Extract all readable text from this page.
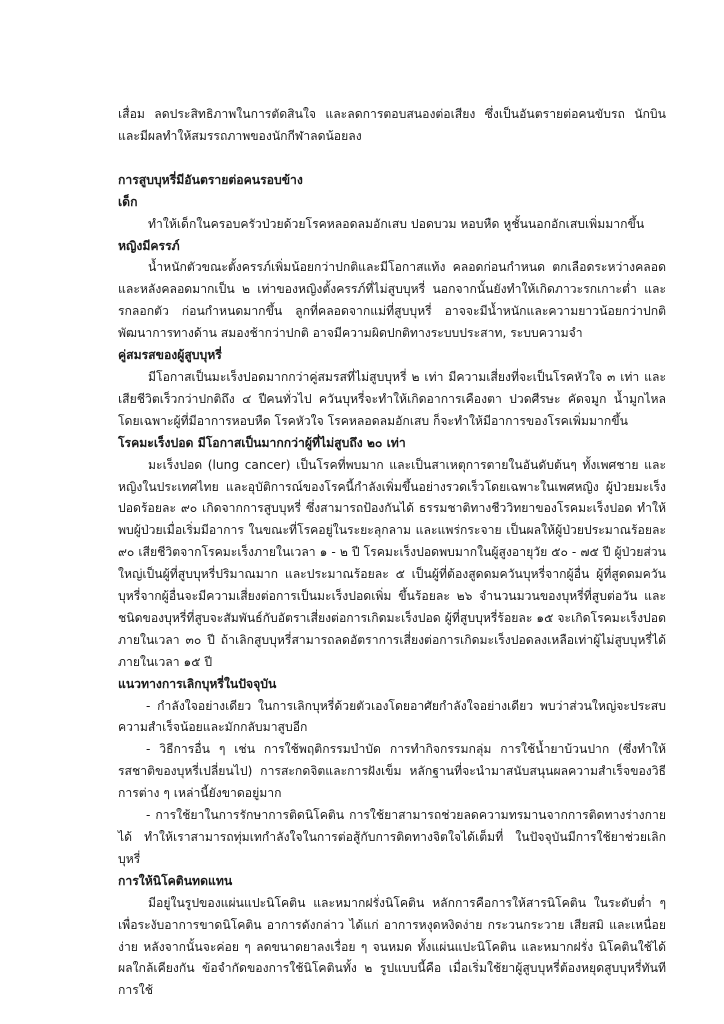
เสื่อม ลดประสิทธิภาพในการตัดสินใจ และลดการตอบสนองต่อเสียง ซึ่งเป็นอันตรายต่อคนขับรถ นักบิน และมีผลทำให้สมรรถภาพของนักกีฬาลดน้อยลง

การสูบบุหรี่มีอันตรายต่อคนรอบข้าง

เด็ก

ทำให้เด็กในครอบครัวป่วยด้วยโรคหลอดลมอักเสบ ปอดบวม หอบหืด หูชั้นนอกอักเสบเพิ่มมากขึ้น

หญิงมีครรภ์

น้ำหนักตัวขณะตั้งครรภ์เพิ่มน้อยกว่าปกติและมีโอกาสแท้ง คลอดก่อนกำหนด ตกเลือดระหว่างคลอดและหลังคลอดมากเป็น ๒ เท่าของหญิงตั้งครรภ์ที่ไม่สูบบุหรี่ นอกจากนั้นยังทำให้เกิดภาวะรกเกาะต่ำ และรกลอกตัว ก่อนกำหนดมากขึ้น ลูกที่คลอดจากแม่ที่สูบบุหรี่ อาจจะมีน้ำหนักและความยาวน้อยกว่าปกติ พัฒนาการทางด้าน สมองช้ากว่าปกติ อาจมีความผิดปกติทางระบบประสาท, ระบบความจำ

คู่สมรสของผู้สูบบุหรี่

มีโอกาสเป็นมะเร็งปอดมากกว่าคู่สมรสที่ไม่สูบบุหรี่ ๒ เท่า มีความเสี่ยงที่จะเป็นโรคหัวใจ ๓ เท่า และเสียชีวิตเร็วกว่าปกติถึง ๔ ปีคนทั่วไป ควันบุหรี่จะทำให้เกิดอาการเคืองตา ปวดศีรษะ คัดจมูก น้ำมูกไหล โดยเฉพาะผู้ที่มีอาการหอบหืด โรคหัวใจ โรคหลอดลมอักเสบ ก็จะทำให้มีอาการของโรคเพิ่มมากขึ้น

โรคมะเร็งปอด มีโอกาสเป็นมากกว่าผู้ที่ไม่สูบถึง ๒๐ เท่า

มะเร็งปอด (lung cancer) เป็นโรคที่พบมาก และเป็นสาเหตุการตายในอันดับต้นๆ ทั้งเพศชาย และหญิงในประเทศไทย และอุบัติการณ์ของโรคนี้กำลังเพิ่มขึ้นอย่างรวดเร็วโดยเฉพาะในเพศหญิง ผู้ป่วยมะเร็งปอดร้อยละ ๙๐ เกิดจากการสูบบุหรี่ ซึ่งสามารถป้องกันได้ ธรรมชาติทางชีววิทยาของโรคมะเร็งปอด ทำให้พบผู้ป่วยเมื่อเริ่มมีอาการ ในขณะที่โรคอยู่ในระยะลุกลาม และแพร่กระจาย เป็นผลให้ผู้ป่วยประมาณร้อยละ ๙๐ เสียชีวิตจากโรคมะเร็งภายในเวลา ๑ - ๒ ปี โรคมะเร็งปอดพบมากในผู้สูงอายุวัย ๕๐ - ๗๕ ปี ผู้ป่วยส่วนใหญ่เป็นผู้ที่สูบบุหรี่ปริมาณมาก และประมาณร้อยละ ๕ เป็นผู้ที่ต้องสูดดมควันบุหรี่จากผู้อื่น ผู้ที่สูดดมควันบุหรี่จากผู้อื่นจะมีความเสี่ยงต่อการเป็นมะเร็งปอดเพิ่ม ขึ้นร้อยละ ๒๖ จำนวนมวนของบุหรี่ที่สูบต่อวัน และชนิดของบุหรี่ที่สูบจะสัมพันธ์กับอัตราเสี่ยงต่อการเกิดมะเร็งปอด ผู้ที่สูบบุหรี่ร้อยละ ๑๕ จะเกิดโรคมะเร็งปอดภายในเวลา ๓๐ ปี ถ้าเลิกสูบบุหรี่สามารถลดอัตราการเสี่ยงต่อการเกิดมะเร็งปอดลงเหลือเท่าผู้ไม่สูบบุหรี่ได้ภายในเวลา ๑๕ ปี

แนวทางการเลิกบุหรี่ในปัจจุบัน

- กำลังใจอย่างเดียว ในการเลิกบุหรี่ด้วยตัวเองโดยอาศัยกำลังใจอย่างเดียว พบว่าส่วนใหญ่จะประสบความสำเร็จน้อยและมักกลับมาสูบอีก

- วิธีการอื่น ๆ เช่น การใช้พฤติกรรมบำบัด การทำกิจกรรมกลุ่ม การใช้น้ำยาบ้วนปาก (ซึ่งทำให้รสชาติของบุหรี่เปลี่ยนไป) การสะกดจิตและการฝังเข็ม หลักฐานที่จะนำมาสนับสนุนผลความสำเร็จของวิธีการต่าง ๆ เหล่านี้ยังขาดอยู่มาก

- การใช้ยาในการรักษาการติดนิโคติน การใช้ยาสามารถช่วยลดความทรมานจากการติดทางร่างกายได้ ทำให้เราสามารถทุ่มเทกำลังใจในการต่อสู้กับการติดทางจิตใจได้เต็มที่ ในปัจจุบันมีการใช้ยาช่วยเลิกบุหรี่

การให้นิโคตินทดแทน

มีอยู่ในรูปของแผ่นแปะนิโคติน และหมากฝรั่งนิโคติน หลักการคือการให้สารนิโคติน ในระดับต่ำ ๆ เพื่อระงับอาการขาดนิโคติน อาการดังกล่าว ได้แก่ อาการหงุดหงิดง่าย กระวนกระวาย เสียสมิ และเหนื่อยง่าย หลังจากนั้นจะค่อย ๆ ลดขนาดยาลงเรื่อย ๆ จนหมด ทั้งแผ่นแปะนิโคติน และหมากฝรั่ง นิโคตินใช้ได้ผลใกล้เคียงกัน ข้อจำกัดของการใช้นิโคตินทั้ง ๒ รูปแบบนี้คือ เมื่อเริ่มใช้ยาผู้สูบบุหรี่ต้องหยุดสูบบุหรี่ทันที การใช้
